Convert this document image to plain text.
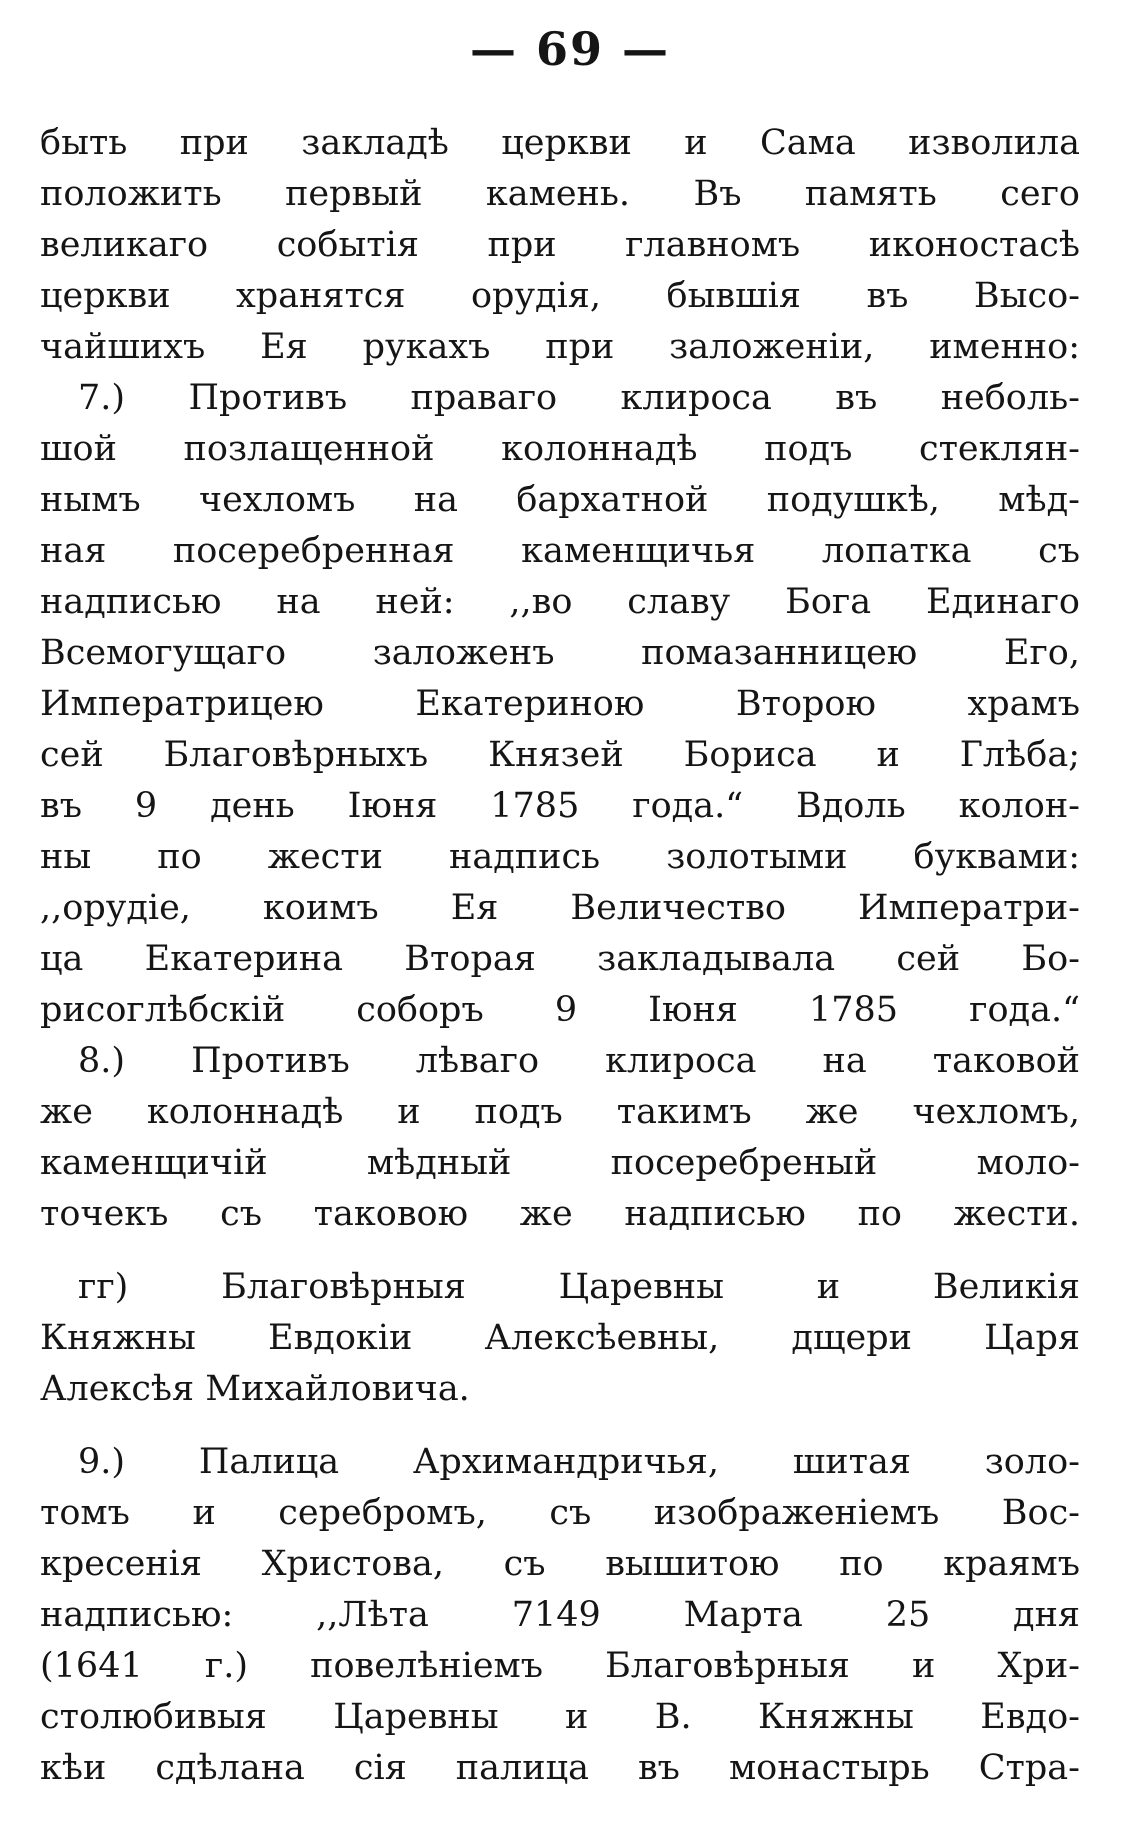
— 69 —
быть при закладѣ церкви и Сама изволила
положить первый камень. Въ память сего
великаго событія при главномъ иконостасѣ
церкви хранятся орудія, бывшія въ Высо-
чайшихъ Ея рукахъ при заложеніи, именно:
7.) Противъ праваго клироса въ неболь-
шой позлащенной колоннадѣ подъ стеклян-
нымъ чехломъ на бархатной подушкѣ, мѣд-
ная посеребренная каменщичья лопатка съ
надписью на ней: ,,во славу Бога Единаго
Всемогущаго заложенъ помазанницею Его,
Императрицею Екатериною Второю храмъ
сей Благовѣрныхъ Князей Бориса и Глѣба;
въ 9 день Іюня 1785 года.“ Вдоль колон-
ны по жести надпись золотыми буквами:
,,орудіе, коимъ Ея Величество Императри-
ца Екатерина Вторая закладывала сей Бо-
рисоглѣбскій соборъ 9 Іюня 1785 года.“
8.) Противъ лѣваго клироса на таковой
же колоннадѣ и подъ такимъ же чехломъ,
каменщичій мѣдный посеребреный моло-
точекъ съ таковою же надписью по жести.
гг) Благовѣрныя Царевны и Великія
Княжны Евдокіи Алексѣевны, дщери Царя
Алексѣя Михайловича.
9.) Палица Архимандричья, шитая золо-
томъ и серебромъ, съ изображеніемъ Вос-
кресенія Христова, съ вышитою по краямъ
надписью: ,,Лѣта 7149 Марта 25 дня
(1641 г.) повелѣніемъ Благовѣрныя и Хри-
столюбивыя Царевны и В. Княжны Евдо-
кѣи сдѣлана сія палица въ монастырь Стра-
